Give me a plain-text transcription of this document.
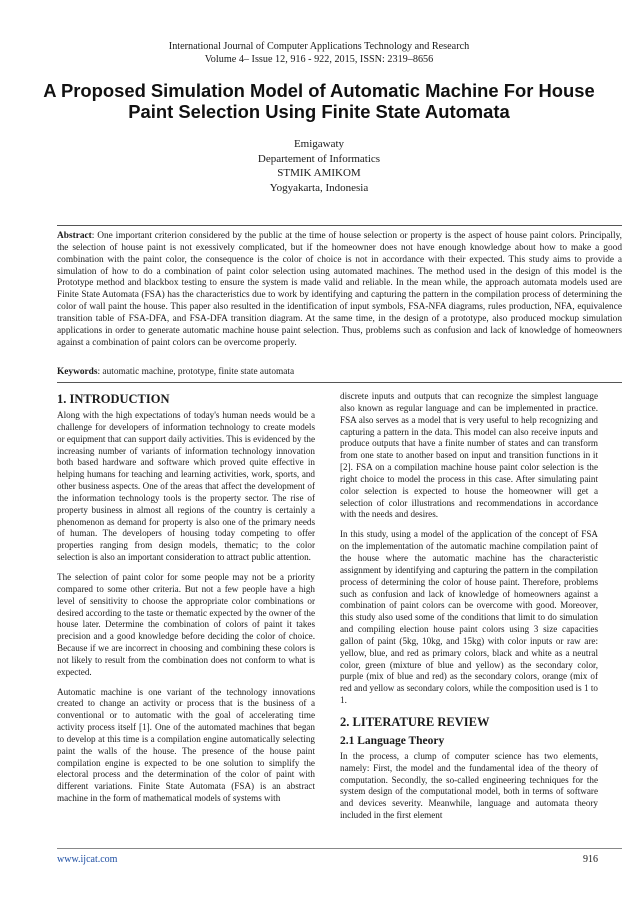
International Journal of Computer Applications Technology and Research
Volume 4– Issue 12, 916 - 922, 2015, ISSN: 2319–8656
A Proposed Simulation Model of Automatic Machine For House Paint Selection Using Finite State Automata
Emigawaty
Departement of Informatics
STMIK AMIKOM
Yogyakarta, Indonesia

Abstract: One important criterion considered by the public at the time of house selection or property is the aspect of house paint colors. Principally, the selection of house paint is not exessively complicated, but if the homeowner does not have enough knowledge about how to make a good combination with the paint color, the consequence is the color of choice is not in accordance with their expected. This study aims to provide a simulation of how to do a combination of paint color selection using automated machines. The method used in the design of this model is the Prototype method and blackbox testing to ensure the system is made valid and reliable. In the mean while, the approach automata models used are Finite State Automata (FSA) has the characteristics due to work by identifying and capturing the pattern in the compilation process of determining the color of wall paint the house. This paper also resulted in the identification of input symbols, FSA-NFA diagrams, rules production, NFA, equivalence transition table of FSA-DFA, and FSA-DFA transition diagram. At the same time, in the design of a prototype, also produced mockup simulation applications in order to generate automatic machine house paint selection. Thus, problems such as confusion and lack of knowledge of homeowners against a combination of paint colors can be overcome properly.

Keywords: automatic machine, prototype, finite state automata
1. INTRODUCTION

Along with the high expectations of today's human needs would be a challenge for developers of information technology to create models or equipment that can support daily activities. This is evidenced by the increasing number of variants of information technology innovation both based hardware and software which proved quite effective in helping humans for teaching and learning activities, work, sports, and other business aspects. One of the areas that affect the development of the information technology tools is the property sector. The rise of property business in almost all regions of the country is certainly a phenomenon as demand for property is also one of the primary needs of human. The developers of housing today competing to offer properties ranging from design models, thematic; to the color selection is also an important consideration to attract public attention.

The selection of paint color for some people may not be a priority compared to some other criteria. But not a few people have a high level of sensitivity to choose the appropriate color combinations or desired according to the taste or thematic expected by the owner of the house later. Determine the combination of colors of paint it takes precision and a good knowledge before deciding the color of choice. Because if we are incorrect in choosing and combining these colors is not likely to result from the combination does not conform to what is expected.

Automatic machine is one variant of the technology innovations created to change an activity or process that is the business of a conventional or to automatic with the goal of accelerating time activity process itself [1]. One of the automated machines that began to develop at this time is a compilation engine automatically selecting paint the walls of the house. The presence of the house paint compilation engine is expected to be one solution to simplify the electoral process and the determination of the color of paint with different variations. Finite State Automata (FSA) is an abstract machine in the form of mathematical models of systems with

discrete inputs and outputs that can recognize the simplest language also known as regular language and can be implemented in practice. FSA also serves as a model that is very useful to help recognizing and capturing a pattern in the data. This model can also receive inputs and produce outputs that have a finite number of states and can transform from one state to another based on input and transition functions in it [2]. FSA on a compilation machine house paint color selection is the right choice to model the process in this case. After simulating paint color selection is expected to house the homeowner will get a selection of color illustrations and recommendations in accordance with the needs and desires.

In this study, using a model of the application of the concept of FSA on the implementation of the automatic machine compilation paint of the house where the automatic machine has the characteristic assignment by identifying and capturing the pattern in the compilation process of determining the color of house paint. Therefore, problems such as confusion and lack of knowledge of homeowners against a combination of paint colors can be overcome with good. Moreover, this study also used some of the conditions that limit to do simulation and compiling election house paint colors using 3 size capacities gallon of paint (5kg, 10kg, and 15kg) with color inputs or raw are: yellow, blue, and red as primary colors, black and white as a neutral color, green (mixture of blue and yellow) as the secondary color, purple (mix of blue and red) as the secondary colors, orange (mix of red and yellow as secondary colors, while the composition used is 1 to 1.

2. LITERATURE REVIEW
2.1 Language Theory

In the process, a clump of computer science has two elements, namely: First, the model and the fundamental idea of the theory of computation. Secondly, the so-called engineering techniques for the system design of the computational model, both in terms of software and devices severity. Meanwhile, language and automata theory included in the first element

www.ijcat.com	916
